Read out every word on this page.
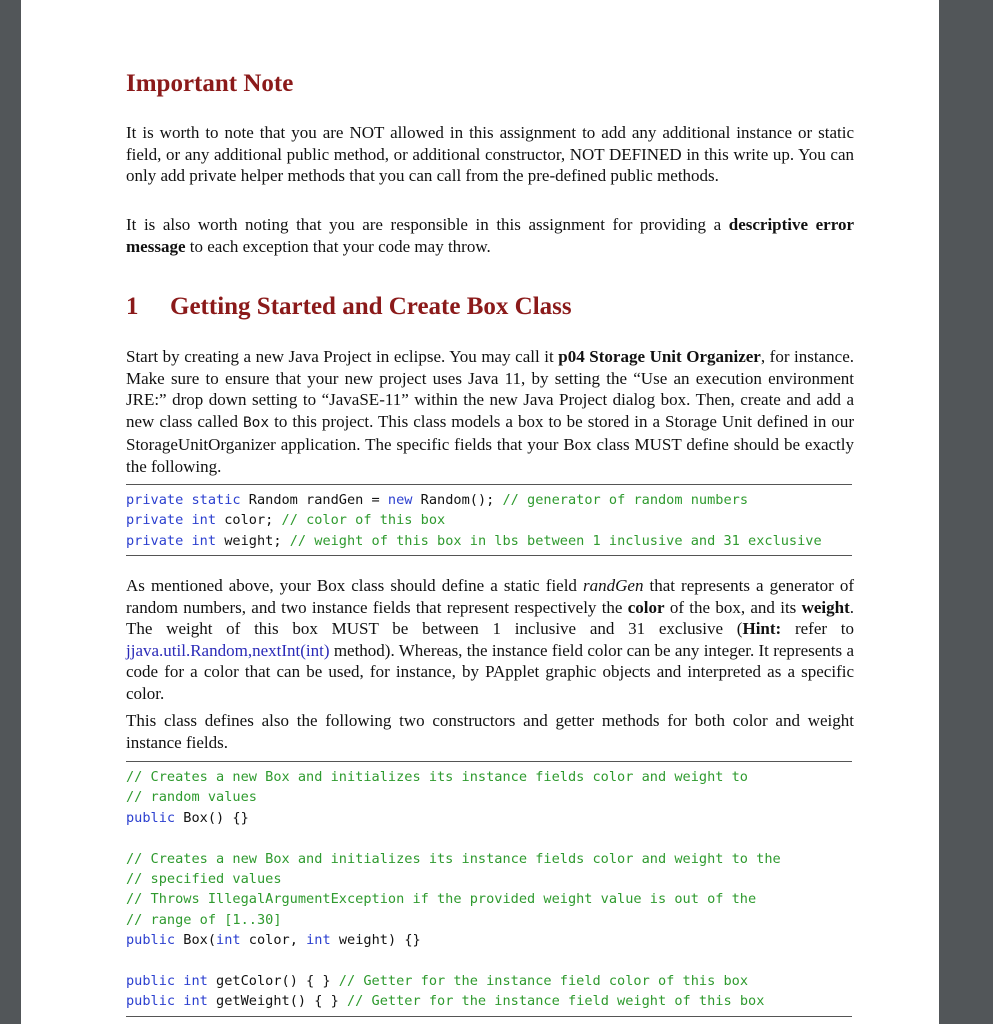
Important Note

It is worth to note that you are NOT allowed in this assignment to add any additional instance or static field, or any additional public method, or additional constructor, NOT DEFINED in this write up. You can only add private helper methods that you can call from the pre-defined public methods.

It is also worth noting that you are responsible in this assignment for providing a descriptive error message to each exception that your code may throw.

1 Getting Started and Create Box Class

Start by creating a new Java Project in eclipse. You may call it p04 Storage Unit Organizer, for instance. Make sure to ensure that your new project uses Java 11, by setting the “Use an execution environment JRE:” drop down setting to “JavaSE-11” within the new Java Project dialog box. Then, create and add a new class called Box to this project. This class models a box to be stored in a Storage Unit defined in our StorageUnitOrganizer application. The specific fields that your Box class MUST define should be exactly the following.

private static Random randGen = new Random(); // generator of random numbers
private int color; // color of this box
private int weight; // weight of this box in lbs between 1 inclusive and 31 exclusive

As mentioned above, your Box class should define a static field randGen that represents a generator of random numbers, and two instance fields that represent respectively the color of the box, and its weight. The weight of this box MUST be between 1 inclusive and 31 exclusive (Hint: refer to jjava.util.Random,nextInt(int) method). Whereas, the instance field color can be any integer. It represents a code for a color that can be used, for instance, by PApplet graphic objects and interpreted as a specific color.

This class defines also the following two constructors and getter methods for both color and weight instance fields.

// Creates a new Box and initializes its instance fields color and weight to
// random values
public Box() {}
// Creates a new Box and initializes its instance fields color and weight to the
// specified values
// Throws IllegalArgumentException if the provided weight value is out of the
// range of [1..30]
public Box(int color, int weight) {}
public int getColor() { } // Getter for the instance field color of this box
public int getWeight() { } // Getter for the instance field weight of this box
